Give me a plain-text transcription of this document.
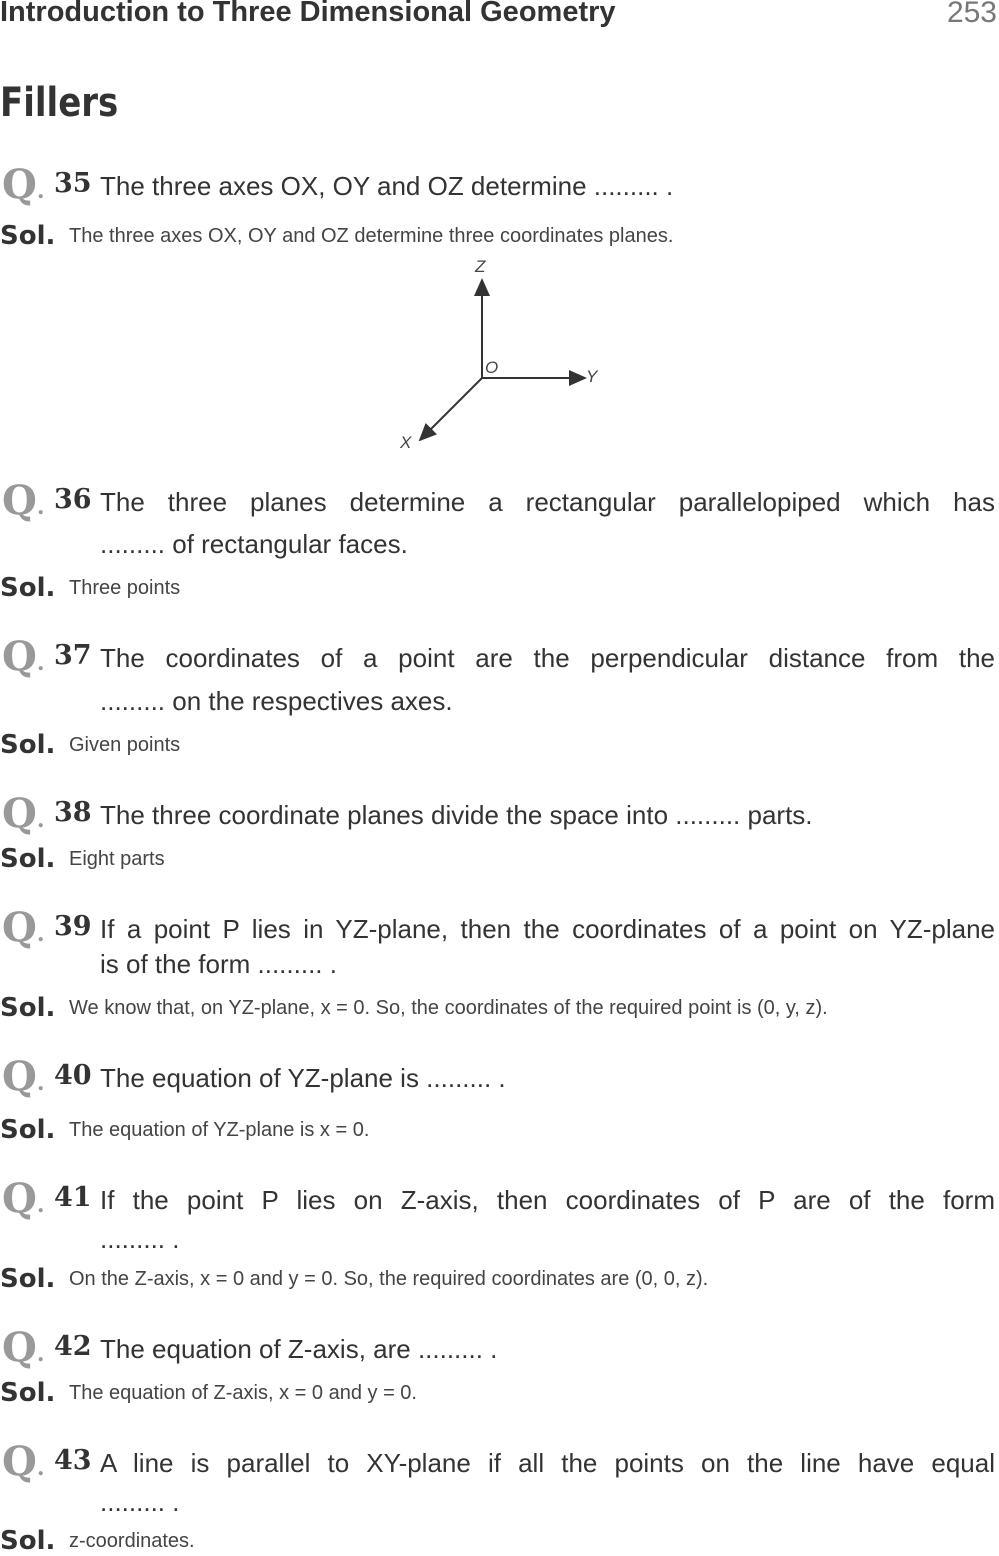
Introduction to Three Dimensional Geometry	253
Fillers
Z
Y
X
O
Q. 35 The three axes OX, OY and OZ determine ......... .
Sol. The three axes OX, OY and OZ determine three coordinates planes.
Q. 36 The three planes determine a rectangular parallelopiped which has
......... of rectangular faces.
Sol. Three points
Q. 37 The coordinates of a point are the perpendicular distance from the
......... on the respectives axes.
Sol. Given points
Q. 38 The three coordinate planes divide the space into ......... parts.
Sol. Eight parts
Q. 39 If a point P lies in YZ-plane, then the coordinates of a point on YZ-plane
is of the form ......... .
Sol. We know that, on YZ-plane, x = 0. So, the coordinates of the required point is (0, y, z).
Q. 40 The equation of YZ-plane is ......... .
Sol. The equation of YZ-plane is x = 0.
Q. 41 If the point P lies on Z-axis, then coordinates of P are of the form
......... .
Sol. On the Z-axis, x = 0 and y = 0. So, the required coordinates are (0, 0, z).
Q. 42 The equation of Z-axis, are ......... .
Sol. The equation of Z-axis, x = 0 and y = 0.
Q. 43 A line is parallel to XY-plane if all the points on the line have equal
......... .
Sol. z-coordinates.
